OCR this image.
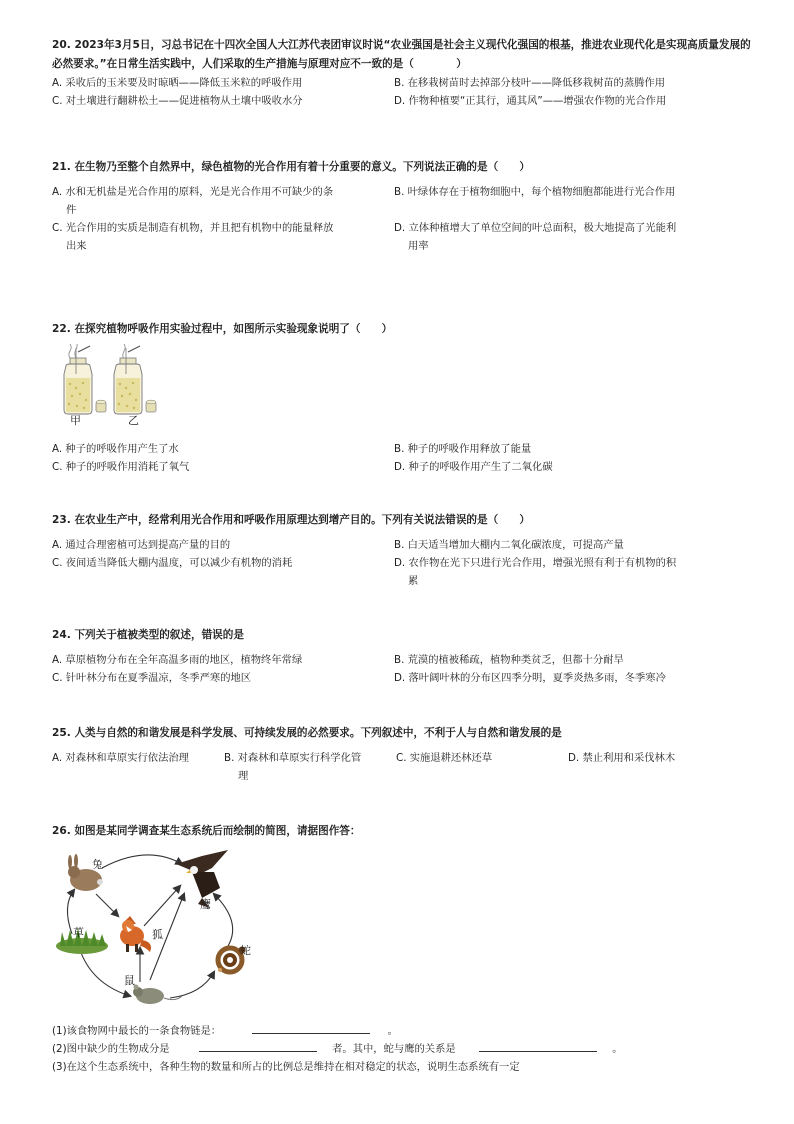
20. 2023年3月5日，习总书记在十四次全国人大江苏代表团审议时说“农业强国是社会主义现代化强国的根基，推进农业现代化是实现高质量发展的必然要求。”在日常生活实践中，人们采取的生产措施与原理对应不一致的是（　　　　）

A. 采收后的玉米要及时晾晒——降低玉米粒的呼吸作用	B. 在移栽树苗时去掉部分枝叶——降低移栽树苗的蒸腾作用
C. 对土壤进行翻耕松土——促进植物从土壤中吸收水分	D. 作物种植要“正其行，通其风”——增强农作物的光合作用

21. 在生物乃至整个自然界中，绿色植物的光合作用有着十分重要的意义。下列说法正确的是（　　）

A. 水和无机盐是光合作用的原料，光是光合作用不可缺少的条
件
B. 叶绿体存在于植物细胞中，每个植物细胞都能进行光合作用
C. 光合作用的实质是制造有机物，并且把有机物中的能量释放
出来
D. 立体种植增大了单位空间的叶总面积，极大地提高了光能利
用率

22. 在探究植物呼吸作用实验过程中，如图所示实验现象说明了（　　）

甲	乙
A. 种子的呼吸作用产生了水	B. 种子的呼吸作用释放了能量
C. 种子的呼吸作用消耗了氧气	D. 种子的呼吸作用产生了二氧化碳

23. 在农业生产中，经常利用光合作用和呼吸作用原理达到增产目的。下列有关说法错误的是（　　）

A. 通过合理密植可达到提高产量的目的	B. 白天适当增加大棚内二氧化碳浓度，可提高产量
C. 夜间适当降低大棚内温度，可以减少有机物的消耗	D. 农作物在光下只进行光合作用，增强光照有利于有机物的积
累

24. 下列关于植被类型的叙述，错误的是

A. 草原植物分布在全年高温多雨的地区，植物终年常绿	B. 荒漠的植被稀疏，植物种类贫乏，但都十分耐旱
C. 针叶林分布在夏季温凉，冬季严寒的地区	D. 落叶阔叶林的分布区四季分明，夏季炎热多雨，冬季寒冷

25. 人类与自然的和谐发展是科学发展、可持续发展的必然要求。下列叙述中，不利于人与自然和谐发展的是

A. 对森林和草原实行依法治理	B. 对森林和草原实行科学化管
理
C. 实施退耕还林还草	D. 禁止利用和采伐林木

26. 如图是某同学调查某生态系统后而绘制的简图，请据图作答：

兔
鹰
草	狐
蛇
鼠
(1)该食物网中最长的一条食物链是：	。
(2)图中缺少的生物成分是	者。其中，蛇与鹰的关系是	。
(3)在这个生态系统中，各种生物的数量和所占的比例总是维持在相对稳定的状态，说明生态系统有一定
